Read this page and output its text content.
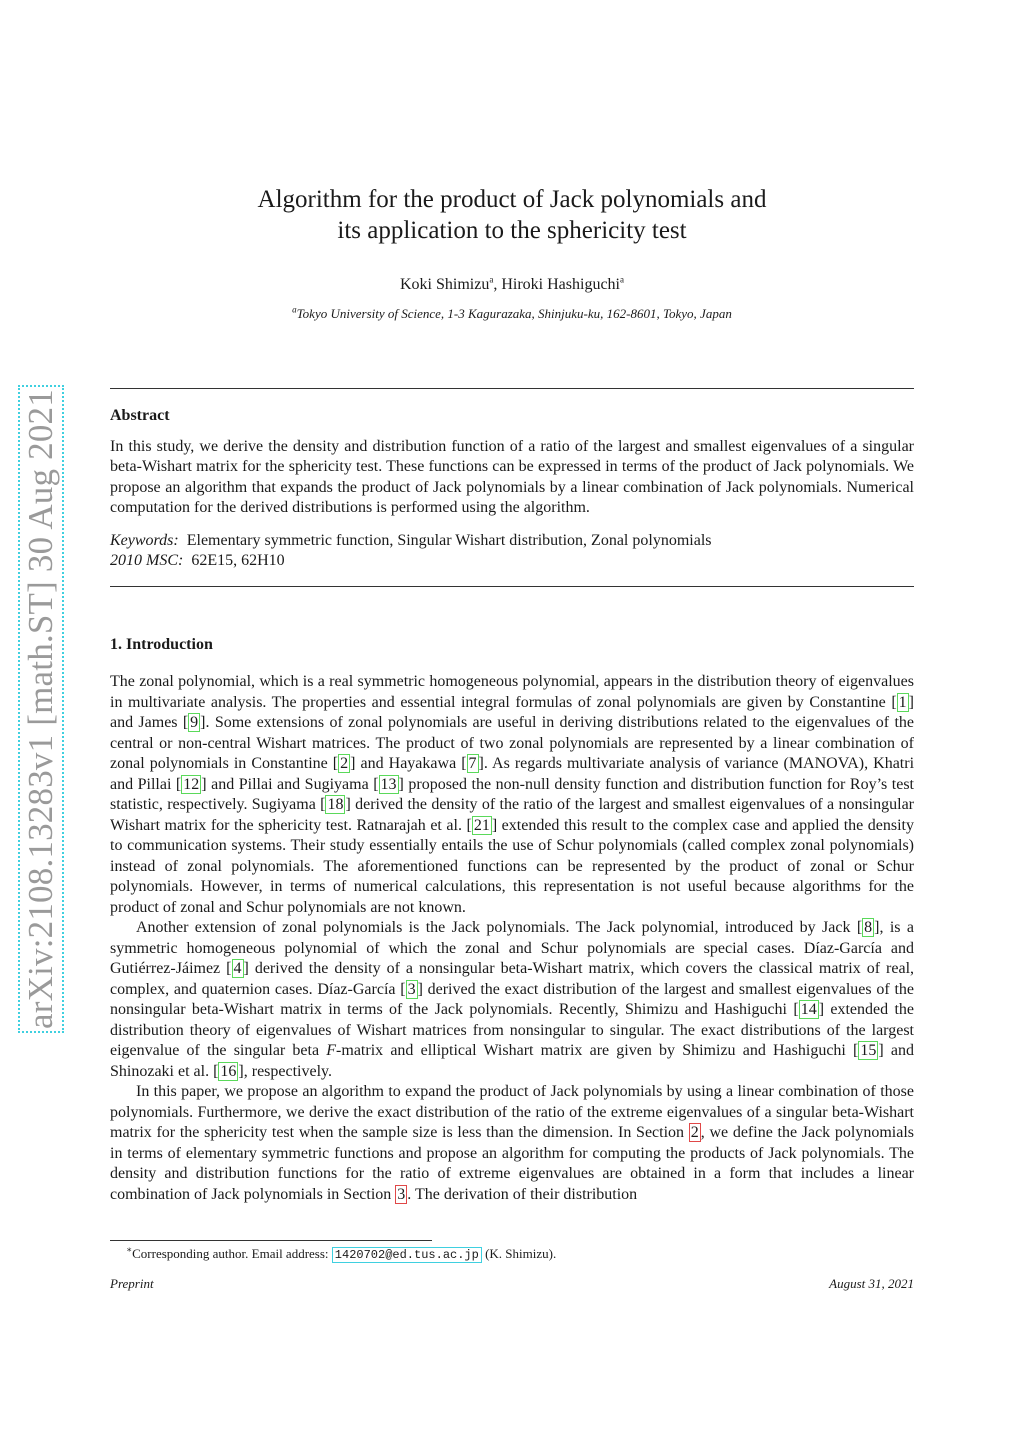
arXiv:2108.13283v1 [math.ST] 30 Aug 2021
Algorithm for the product of Jack polynomials and
its application to the sphericity test
Koki Shimizu$^a$, Hiroki Hashiguchi$^a$
$^a$Tokyo University of Science, 1-3 Kagurazaka, Shinjuku-ku, 162-8601, Tokyo, Japan
Abstract

In this study, we derive the density and distribution function of a ratio of the largest and smallest eigenvalues of a singular beta-Wishart matrix for the sphericity test. These functions can be expressed in terms of the product of Jack polynomials. We propose an algorithm that expands the product of Jack polynomials by a linear combination of Jack polynomials. Numerical computation for the derived distributions is performed using the algorithm.

Keywords: Elementary symmetric function, Singular Wishart distribution, Zonal polynomials
2010 MSC: 62E15, 62H10
1. Introduction

The zonal polynomial, which is a real symmetric homogeneous polynomial, appears in the distribution theory of eigenvalues in multivariate analysis. The properties and essential integral formulas of zonal polynomials are given by Constantine [ 1 ] and James [ 9 ]. Some extensions of zonal polynomials are useful in deriving distributions related to the eigenvalues of the central or non-central Wishart matrices. The product of two zonal polynomials are represented by a linear combination of zonal polynomials in Constantine [ 2 ] and Hayakawa [ 7 ]. As regards multivariate analysis of variance (MANOVA), Khatri and Pillai [ 12 ] and Pillai and Sugiyama [ 13 ] proposed the non-null density function and distribution function for Roy’s test statistic, respectively. Sugiyama [ 18 ] derived the density of the ratio of the largest and smallest eigenvalues of a nonsingular Wishart matrix for the sphericity test. Ratnarajah et al. [ 21 ] extended this result to the complex case and applied the density to communication systems. Their study essentially entails the use of Schur polynomials (called complex zonal polynomials) instead of zonal polynomials. The aforementioned functions can be represented by the product of zonal or Schur polynomials. However, in terms of numerical calculations, this representation is not useful because algorithms for the product of zonal and Schur polynomials are not known.

Another extension of zonal polynomials is the Jack polynomials. The Jack polynomial, introduced by Jack [ 8 ], is a symmetric homogeneous polynomial of which the zonal and Schur polynomials are special cases. Díaz-García and Gutiérrez-Jáimez [ 4 ] derived the density of a nonsingular beta-Wishart matrix, which covers the classical matrix of real, complex, and quaternion cases. Díaz-García [ 3 ] derived the exact distribution of the largest and smallest eigenvalues of the nonsingular beta-Wishart matrix in terms of the Jack polynomials. Recently, Shimizu and Hashiguchi [ 14 ] extended the distribution theory of eigenvalues of Wishart matrices from nonsingular to singular. The exact distributions of the largest eigenvalue of the singular beta F-matrix and elliptical Wishart matrix are given by Shimizu and Hashiguchi [ 15 ] and Shinozaki et al. [ 16 ], respectively.

In this paper, we propose an algorithm to expand the product of Jack polynomials by using a linear combination of those polynomials. Furthermore, we derive the exact distribution of the ratio of the extreme eigenvalues of a singular beta-Wishart matrix for the sphericity test when the sample size is less than the dimension. In Section 2 , we define the Jack polynomials in terms of elementary symmetric functions and propose an algorithm for computing the products of Jack polynomials. The density and distribution functions for the ratio of extreme eigenvalues are obtained in a form that includes a linear combination of Jack polynomials in Section 3 . The derivation of their distribution

∗Corresponding author. Email address: 1420702@ed.tus.ac.jp (K. Shimizu).
Preprint	August 31, 2021
